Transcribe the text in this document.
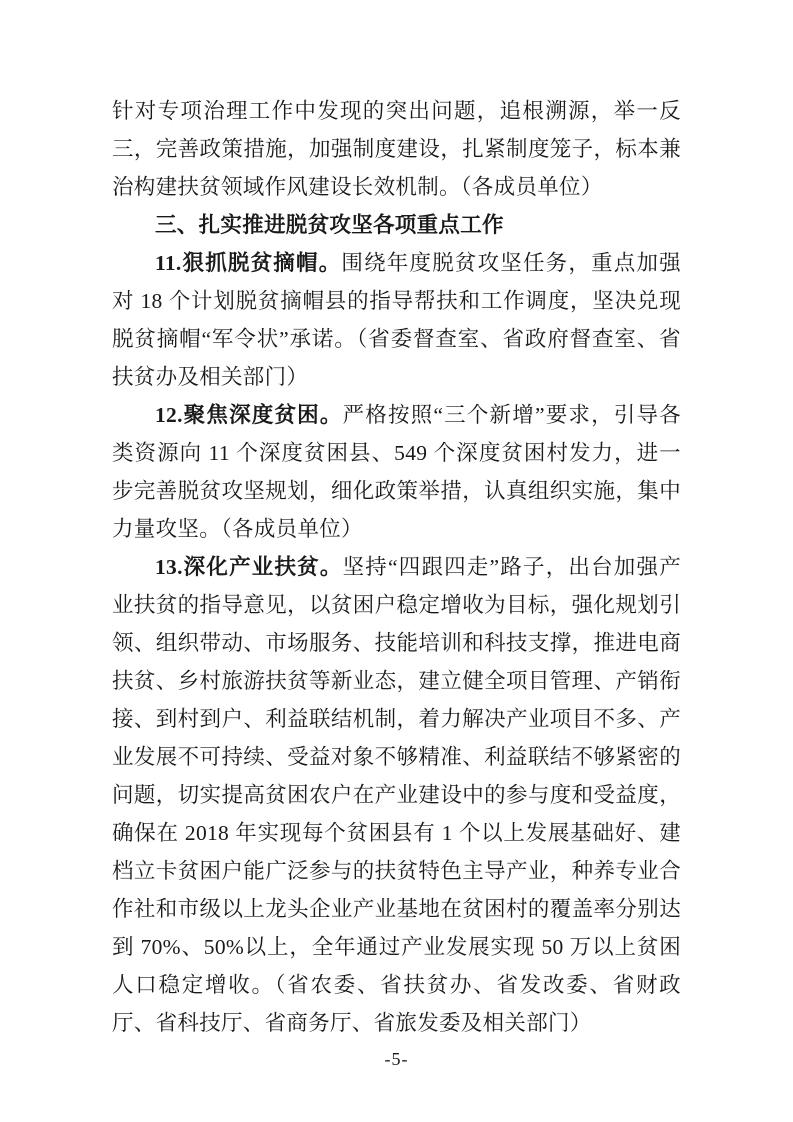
针对专项治理工作中发现的突出问题，追根溯源，举一反三，完善政策措施，加强制度建设，扎紧制度笼子，标本兼治构建扶贫领域作风建设长效机制。（各成员单位）

三、扎实推进脱贫攻坚各项重点工作

11.狠抓脱贫摘帽。围绕年度脱贫攻坚任务，重点加强对 18 个计划脱贫摘帽县的指导帮扶和工作调度，坚决兑现脱贫摘帽“军令状”承诺。（省委督查室、省政府督查室、省扶贫办及相关部门）

12.聚焦深度贫困。严格按照“三个新增”要求，引导各类资源向 11 个深度贫困县、549 个深度贫困村发力，进一步完善脱贫攻坚规划，细化政策举措，认真组织实施，集中力量攻坚。（各成员单位）

13.深化产业扶贫。坚持“四跟四走”路子，出台加强产业扶贫的指导意见，以贫困户稳定增收为目标，强化规划引领、组织带动、市场服务、技能培训和科技支撑，推进电商扶贫、乡村旅游扶贫等新业态，建立健全项目管理、产销衔接、到村到户、利益联结机制，着力解决产业项目不多、产业发展不可持续、受益对象不够精准、利益联结不够紧密的问题，切实提高贫困农户在产业建设中的参与度和受益度，确保在 2018 年实现每个贫困县有 1 个以上发展基础好、建档立卡贫困户能广泛参与的扶贫特色主导产业，种养专业合作社和市级以上龙头企业产业基地在贫困村的覆盖率分别达到 70%、50%以上，全年通过产业发展实现 50 万以上贫困人口稳定增收。（省农委、省扶贫办、省发改委、省财政厅、省科技厅、省商务厅、省旅发委及相关部门）

-5-
